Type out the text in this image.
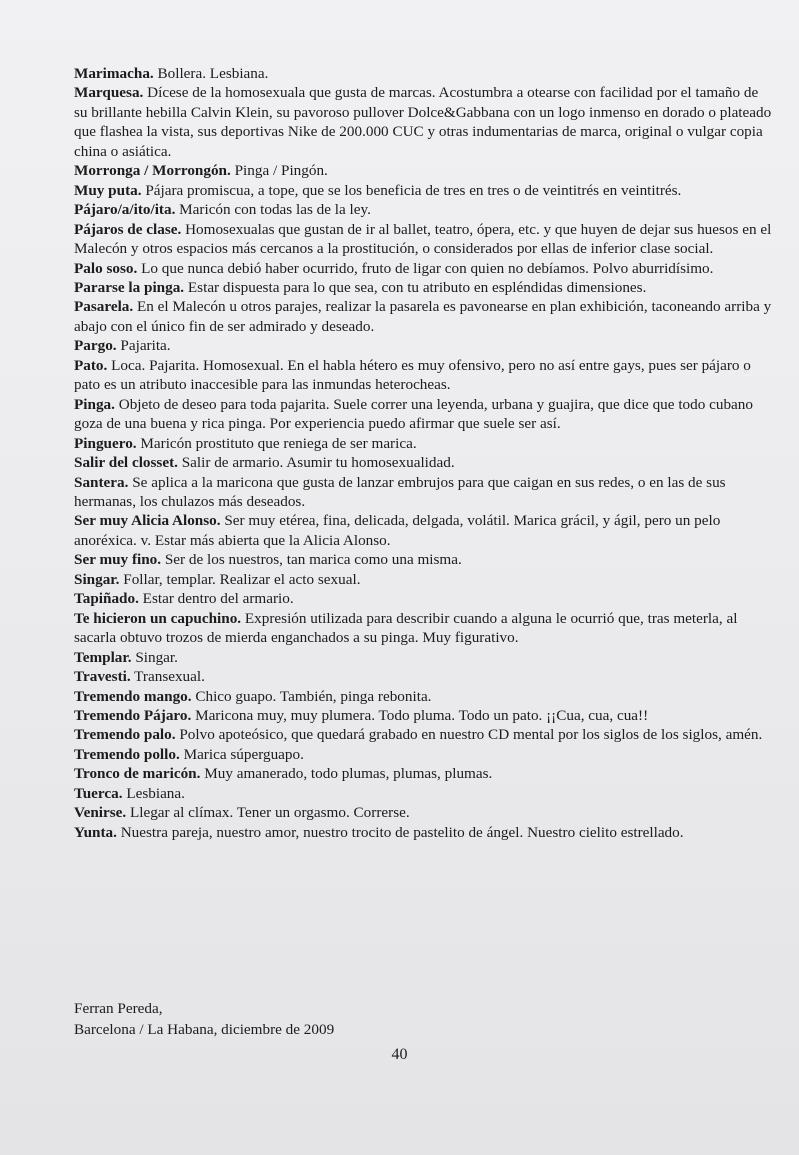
Marimacha. Bollera. Lesbiana.

Marquesa. Dícese de la homosexuala que gusta de marcas. Acostumbra a otearse con facilidad por el tamaño de su brillante hebilla Calvin Klein, su pavoroso pullover Dolce&Gabbana con un logo inmenso en dorado o plateado que flashea la vista, sus deportivas Nike de 200.000 CUC y otras indumentarias de marca, original o vulgar copia china o asiática.

Morronga / Morrongón. Pinga / Pingón.

Muy puta. Pájara promiscua, a tope, que se los beneficia de tres en tres o de veintitrés en veintitrés.

Pájaro/a/ito/ita. Maricón con todas las de la ley.

Pájaros de clase. Homosexualas que gustan de ir al ballet, teatro, ópera, etc. y que huyen de dejar sus huesos en el Malecón y otros espacios más cercanos a la prostitución, o considerados por ellas de inferior clase social.

Palo soso. Lo que nunca debió haber ocurrido, fruto de ligar con quien no debíamos. Polvo aburridísimo.

Pararse la pinga. Estar dispuesta para lo que sea, con tu atributo en espléndidas dimensiones.

Pasarela. En el Malecón u otros parajes, realizar la pasarela es pavonearse en plan exhibición, taconeando arriba y abajo con el único fin de ser admirado y deseado.

Pargo. Pajarita.

Pato. Loca. Pajarita. Homosexual. En el habla hétero es muy ofensivo, pero no así entre gays, pues ser pájaro o pato es un atributo inaccesible para las inmundas heterocheas.

Pinga. Objeto de deseo para toda pajarita. Suele correr una leyenda, urbana y guajira, que dice que todo cubano goza de una buena y rica pinga. Por experiencia puedo afirmar que suele ser así.

Pinguero. Maricón prostituto que reniega de ser marica.

Salir del closset. Salir de armario. Asumir tu homosexualidad.

Santera. Se aplica a la maricona que gusta de lanzar embrujos para que caigan en sus redes, o en las de sus hermanas, los chulazos más deseados.

Ser muy Alicia Alonso. Ser muy etérea, fina, delicada, delgada, volátil. Marica grácil, y ágil, pero un pelo anoréxica. v. Estar más abierta que la Alicia Alonso.

Ser muy fino. Ser de los nuestros, tan marica como una misma.

Singar. Follar, templar. Realizar el acto sexual.

Tapiñado. Estar dentro del armario.

Te hicieron un capuchino. Expresión utilizada para describir cuando a alguna le ocurrió que, tras meterla, al sacarla obtuvo trozos de mierda enganchados a su pinga. Muy figurativo.

Templar. Singar.

Travesti. Transexual.

Tremendo mango. Chico guapo. También, pinga rebonita.

Tremendo Pájaro. Maricona muy, muy plumera. Todo pluma. Todo un pato. ¡¡Cua, cua, cua!!

Tremendo palo. Polvo apoteósico, que quedará grabado en nuestro CD mental por los siglos de los siglos, amén.

Tremendo pollo. Marica súperguapo.

Tronco de maricón. Muy amanerado, todo plumas, plumas, plumas.

Tuerca. Lesbiana.

Venirse. Llegar al clímax. Tener un orgasmo. Correrse.

Yunta. Nuestra pareja, nuestro amor, nuestro trocito de pastelito de ángel. Nuestro cielito estrellado.

Ferran Pereda,

Barcelona / La Habana, diciembre de 2009

40
